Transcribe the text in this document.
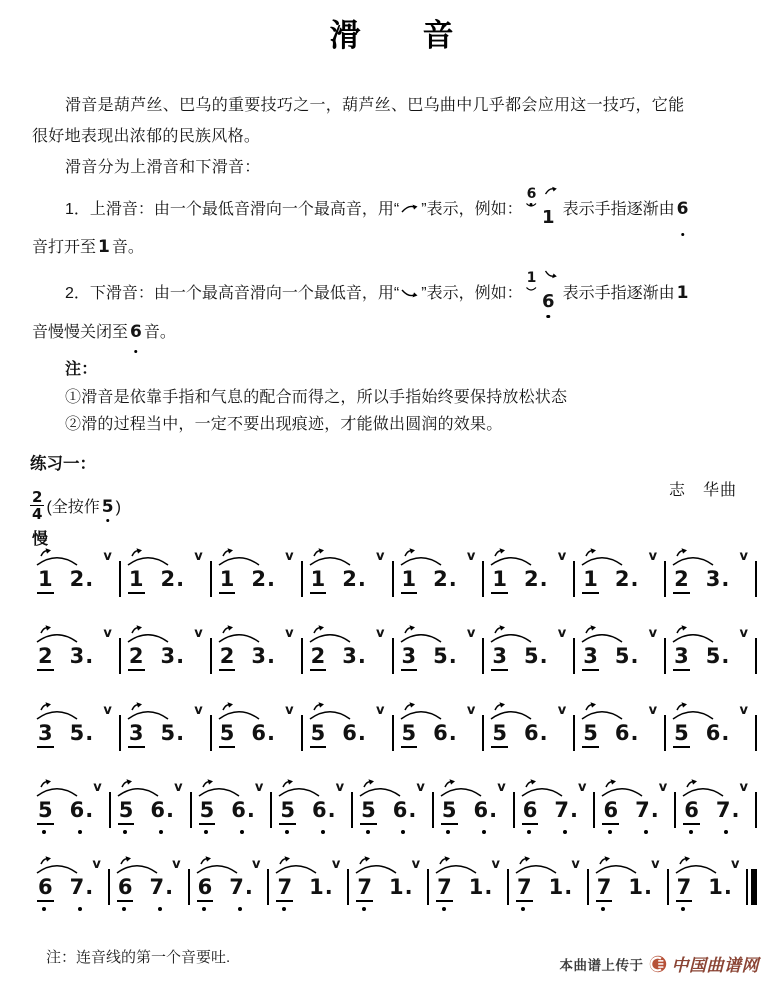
滑 音
滑音是葫芦丝、巴乌的重要技巧之一，葫芦丝、巴乌曲中几乎都会应用这一技巧，它能
很好地表现出浓郁的民族风格。
滑音分为上滑音和下滑音：
1．上滑音：由一个最低音滑向一个最高音，用“ ”表示，例如：
6
1 表示手指逐渐由 6
音打开至 1 音。
2．下滑音：由一个最高音滑向一个最低音，用“ ”表示，例如：
1
6 表示手指逐渐由 1
音慢慢关闭至 6 音。
注：
①滑音是依靠手指和气息的配合而得之，所以手指始终要保持放松状态
②滑的过程当中，一定不要出现痕迹，才能做出圆润的效果。
练习一：
志　华曲
$\frac{2}{4}$ (全按作 5 )
慢
v
1 2.
v
1 2.
v
1 2.
v
1 2.
v
1 2.
v
1 2.
v
1 2.
v
2 3.
v
2 3.
v
2 3.
v
2 3.
v
2 3.
v
3 5.
v
3 5.
v
3 5.
v
3 5.
v
3 5.
v
3 5.
v
5 6.
v
5 6.
v
5 6.
v
5 6.
v
5 6.
v
5 6.
v
5 6.
v
5 6.
v
5 6.
v
5 6.
v
5 6.
v
5 6.
v
6 7.
v
6 7.
v
6 7.
v
6 7.
v
6 7.
v
6 7.
v
7 1.
v
7 1.
v
7 1.
v
7 1.
v
7 1.
v
7 1.
注：连音线的第一个音要吐.	本曲谱上传于 中国曲谱网
